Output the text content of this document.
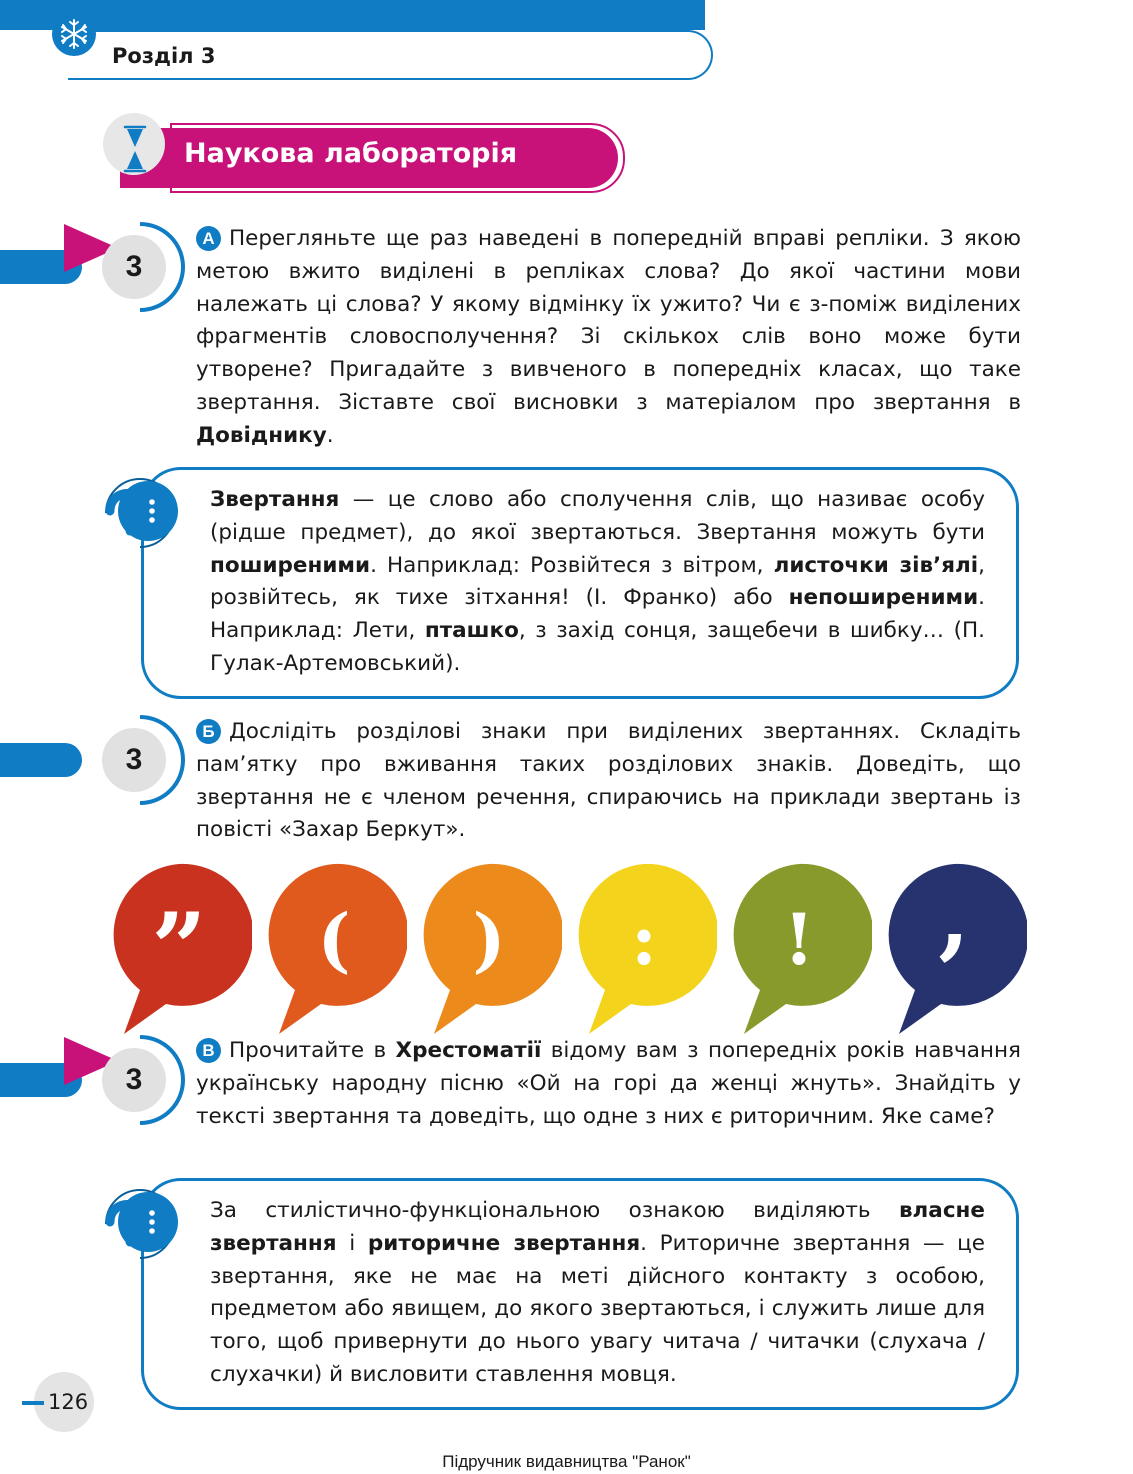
Розділ 3
Наукова лабораторія
3

А Перегляньте ще раз наведені в попередній вправі репліки. З якою метою вжито виділені в репліках слова? До якої частини мови належать ці слова? У якому відмінку їх ужито? Чи є з-поміж виділених фрагментів словосполучення? Зі скількох слів воно може бути утворене? Пригадайте з вивченого в попередніх класах, що таке звертання. Зіставте свої висновки з матеріалом про звертання в Довіднику.

Звертання — це слово або сполучення слів, що називає особу (рідше предмет), до якої звертаються. Звертання можуть бути поширеними. Наприклад: Розвійтеся з вітром, листочки зів’ялі, розвійтесь, як тихе зітхання! (І. Франко) або непоширеними. Наприклад: Лети, пташко, з захід сонця, защебечи в шибку… (П. Гулак-Артемовський).

3

Б Дослідіть розділові знаки при виділених звертаннях. Складіть пам’ятку про вживання таких розділових знаків. Доведіть, що звертання не є членом речення, спираючись на приклади звертань із повісті «Захар Беркут».

” ( ) : ! ,
3

В Прочитайте в Хрестоматії відому вам з попередніх років навчання українську народну пісню «Ой на горі да женці жнуть». Знайдіть у тексті звертання та доведіть, що одне з них є риторичним. Яке саме?

За стилістично-функціональною ознакою виділяють власне звертання і риторичне звертання. Риторичне звертання — це звертання, яке не має на меті дійсного контакту з особою, предметом або явищем, до якого звертаються, і служить лише для того, щоб привернути до нього увагу читача / читачки (слухача / слухачки) й висловити ставлення мовця.

126
Підручник видавництва "Ранок"
